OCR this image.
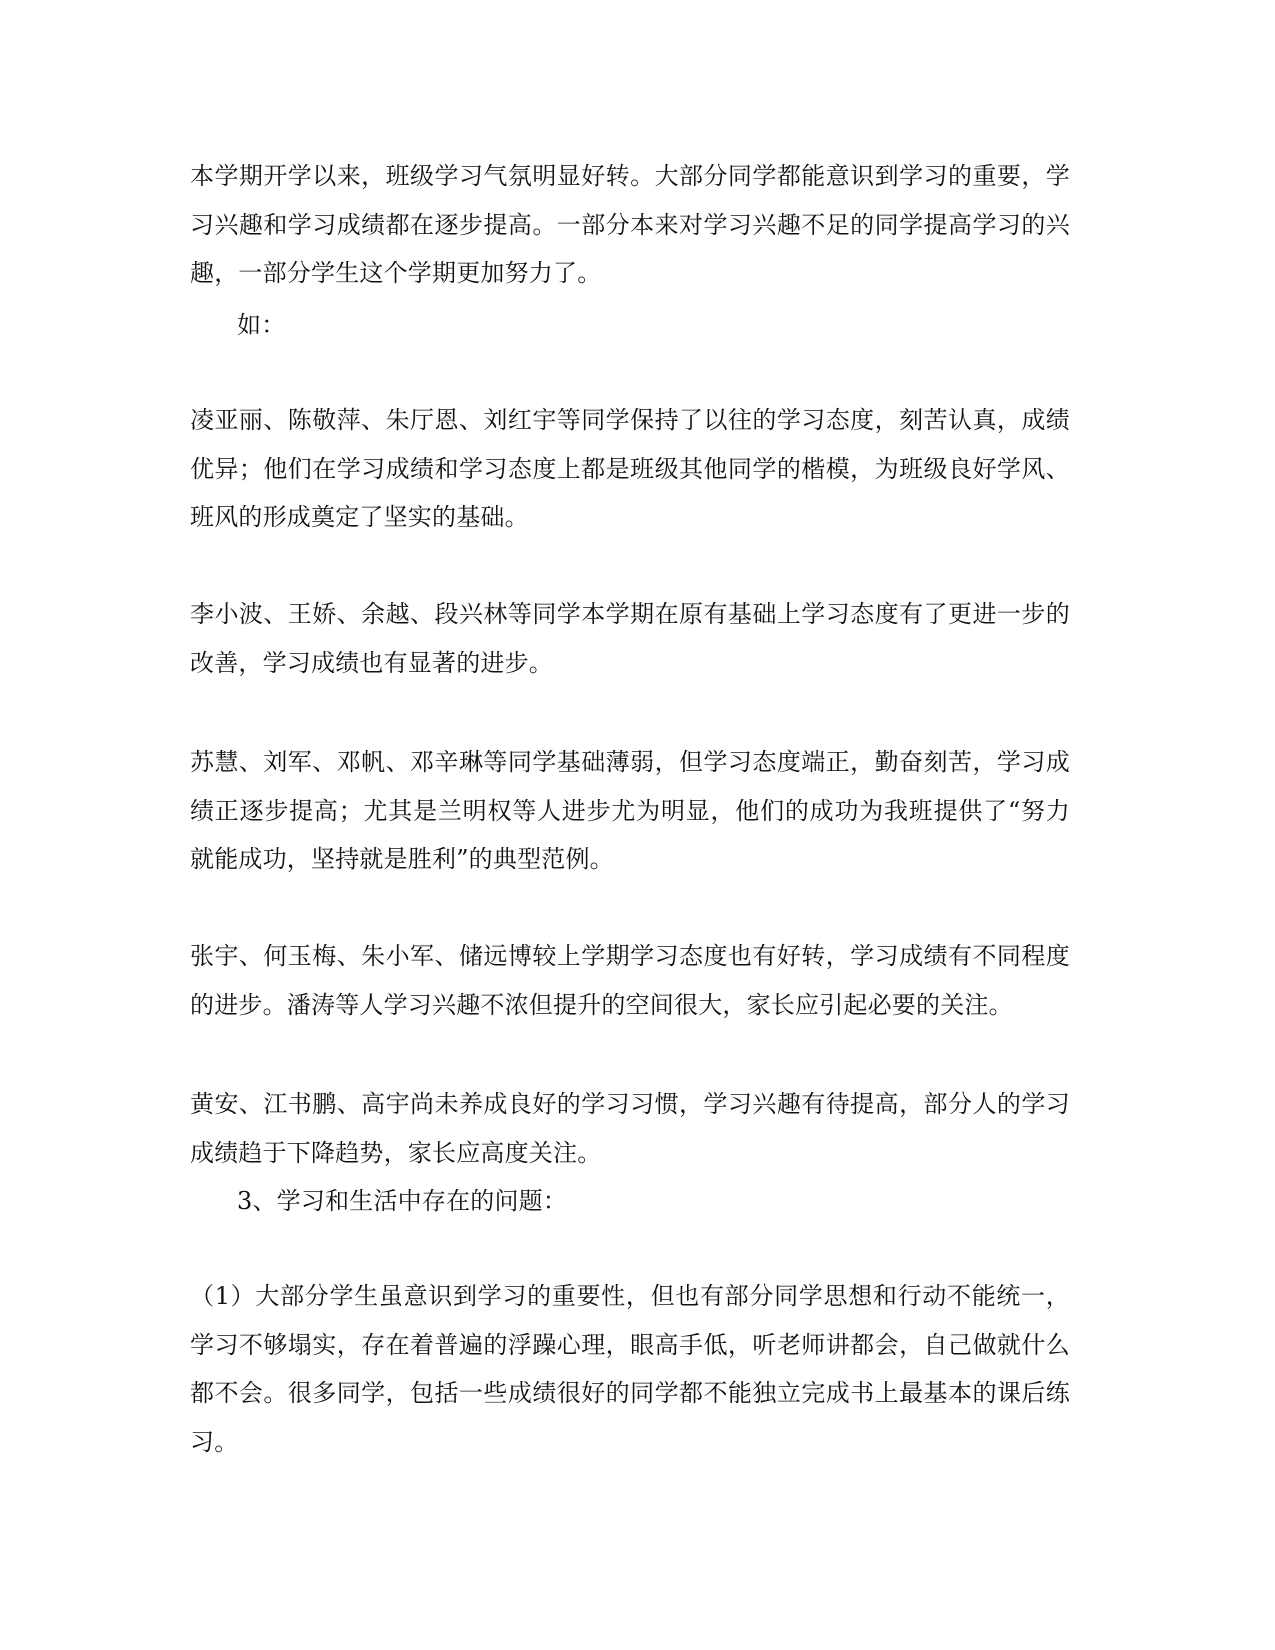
本学期开学以来，班级学习气氛明显好转。大部分同学都能意识到学习的重要，学习兴趣和学习成绩都在逐步提高。一部分本来对学习兴趣不足的同学提高学习的兴趣，一部分学生这个学期更加努力了。

如：

凌亚丽、陈敬萍、朱厅恩、刘红宇等同学保持了以往的学习态度，刻苦认真，成绩优异；他们在学习成绩和学习态度上都是班级其他同学的楷模，为班级良好学风、班风的形成奠定了坚实的基础。

李小波、王娇、余越、段兴林等同学本学期在原有基础上学习态度有了更进一步的改善，学习成绩也有显著的进步。

苏慧、刘军、邓帆、邓辛琳等同学基础薄弱，但学习态度端正，勤奋刻苦，学习成绩正逐步提高；尤其是兰明权等人进步尤为明显，他们的成功为我班提供了“努力就能成功，坚持就是胜利”的典型范例。

张宇、何玉梅、朱小军、储远博较上学期学习态度也有好转，学习成绩有不同程度的进步。潘涛等人学习兴趣不浓但提升的空间很大，家长应引起必要的关注。

黄安、江书鹏、高宇尚未养成良好的学习习惯，学习兴趣有待提高，部分人的学习成绩趋于下降趋势，家长应高度关注。

3、学习和生活中存在的问题：

（1）大部分学生虽意识到学习的重要性，但也有部分同学思想和行动不能统一，学习不够塌实，存在着普遍的浮躁心理，眼高手低，听老师讲都会，自己做就什么都不会。很多同学，包括一些成绩很好的同学都不能独立完成书上最基本的课后练习。
